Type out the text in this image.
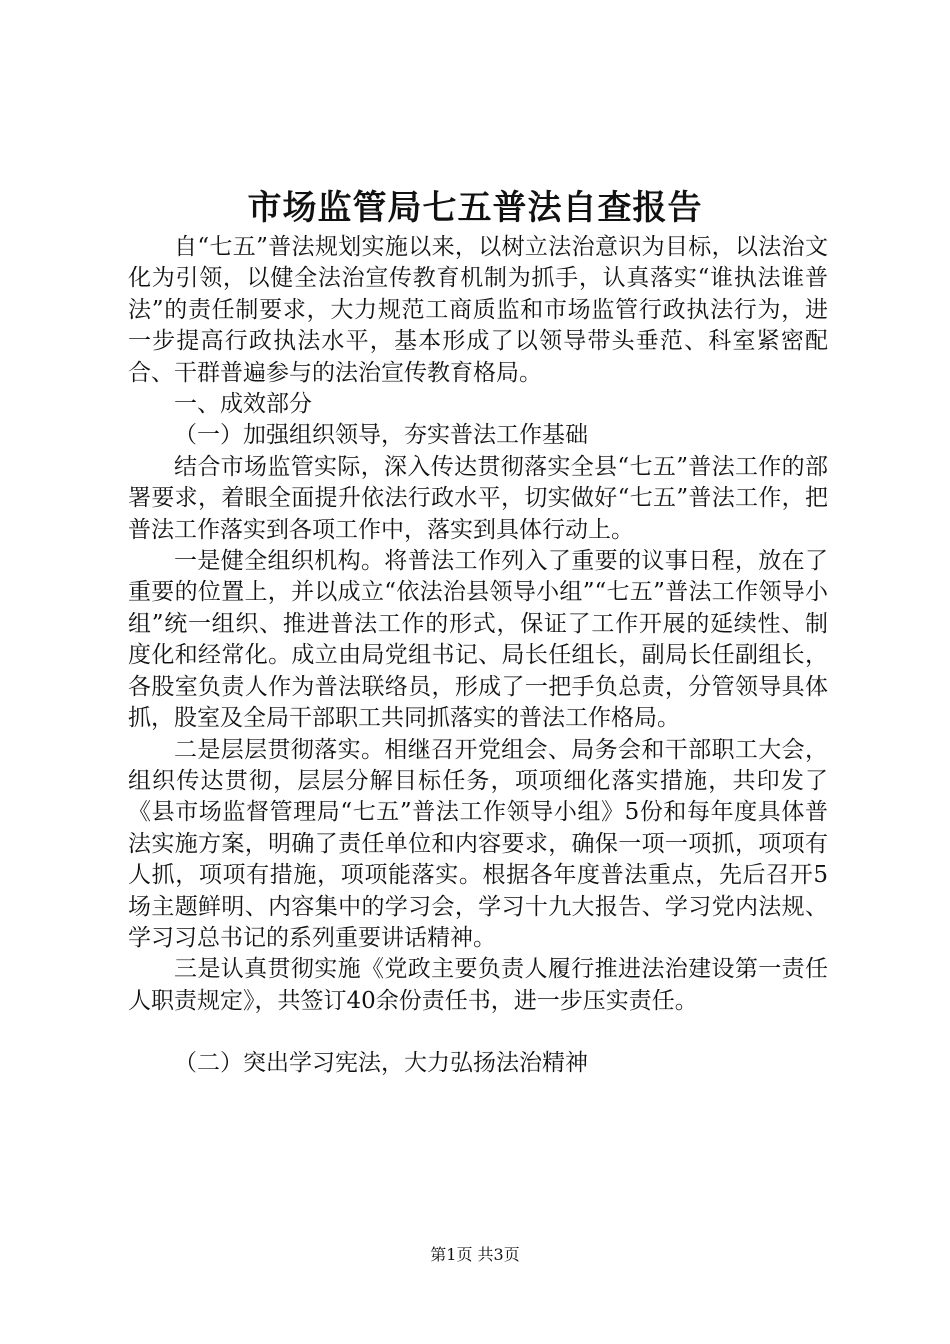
市场监管局七五普法自查报告

自“七五”普法规划实施以来，以树立法治意识为目标，以法治文化为引领，以健全法治宣传教育机制为抓手，认真落实“谁执法谁普法”的责任制要求，大力规范工商质监和市场监管行政执法行为，进一步提高行政执法水平，基本形成了以领导带头垂范、科室紧密配合、干群普遍参与的法治宣传教育格局。

一、成效部分

（一）加强组织领导，夯实普法工作基础

结合市场监管实际，深入传达贯彻落实全县“七五”普法工作的部署要求，着眼全面提升依法行政水平，切实做好“七五”普法工作，把普法工作落实到各项工作中，落实到具体行动上。

一是健全组织机构。将普法工作列入了重要的议事日程，放在了重要的位置上，并以成立“依法治县领导小组”“七五”普法工作领导小组”统一组织、推进普法工作的形式，保证了工作开展的延续性、制度化和经常化。成立由局党组书记、局长任组长，副局长任副组长，各股室负责人作为普法联络员，形成了一把手负总责，分管领导具体抓，股室及全局干部职工共同抓落实的普法工作格局。

二是层层贯彻落实。相继召开党组会、局务会和干部职工大会，组织传达贯彻，层层分解目标任务，项项细化落实措施，共印发了《县市场监督管理局“七五”普法工作领导小组》5份和每年度具体普法实施方案，明确了责任单位和内容要求，确保一项一项抓，项项有人抓，项项有措施，项项能落实。根据各年度普法重点，先后召开5场主题鲜明、内容集中的学习会，学习十九大报告、学习党内法规、学习习总书记的系列重要讲话精神。

三是认真贯彻实施《党政主要负责人履行推进法治建设第一责任人职责规定》，共签订40余份责任书，进一步压实责任。

（二）突出学习宪法，大力弘扬法治精神

第1页 共3页
